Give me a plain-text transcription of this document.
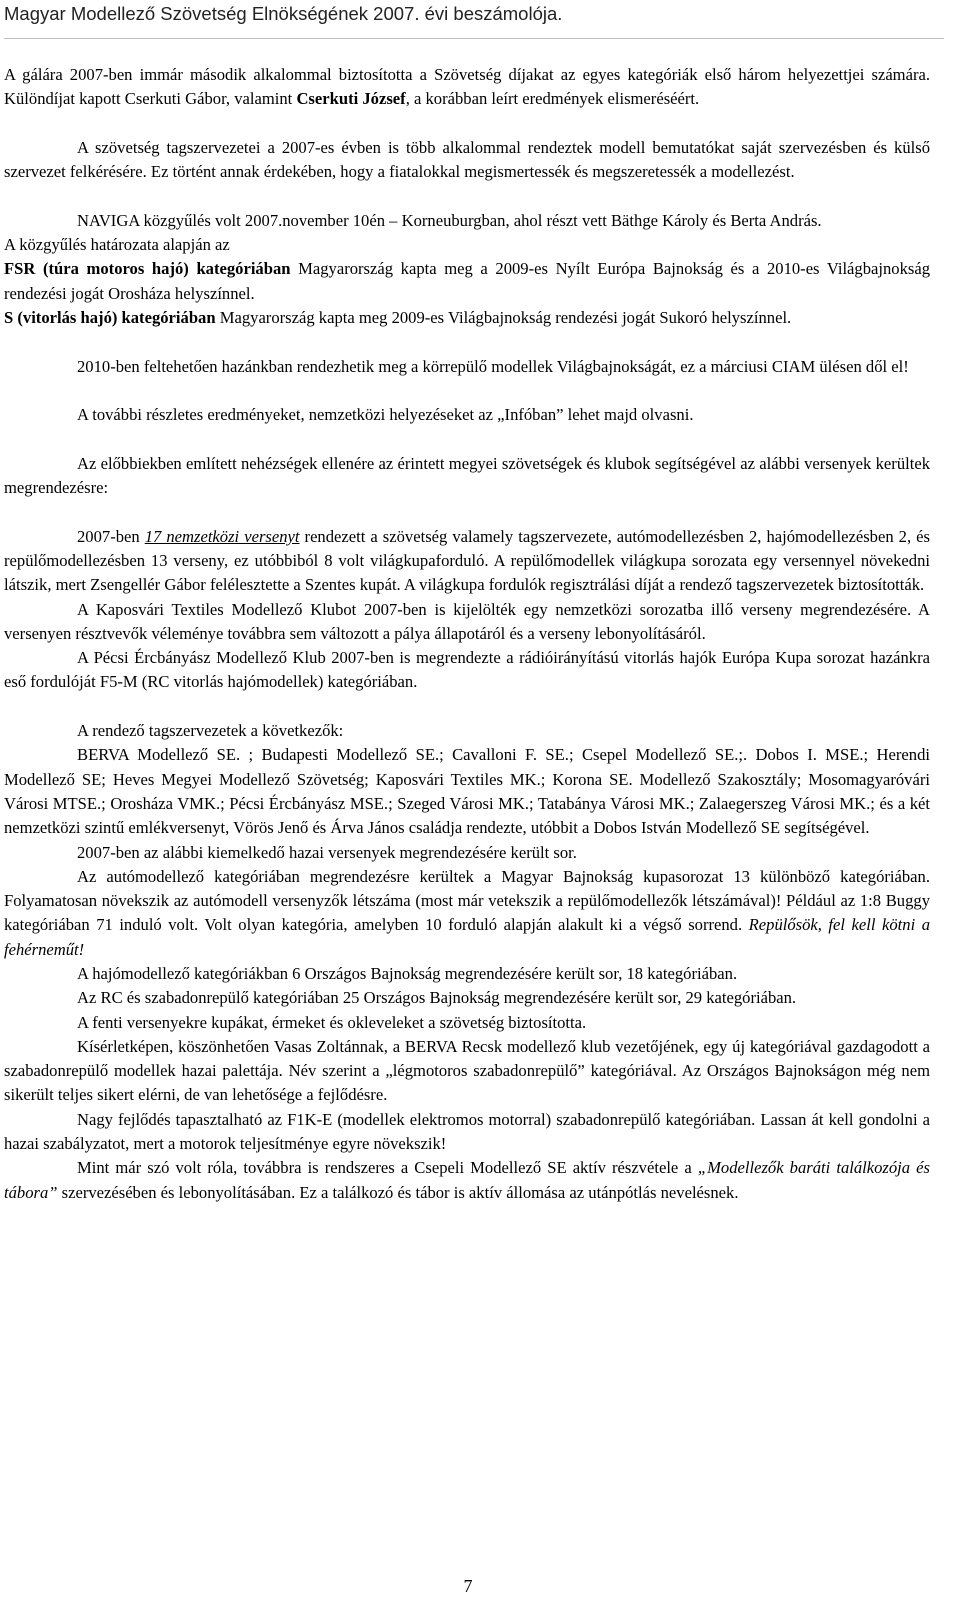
Magyar Modellező Szövetség Elnökségének 2007. évi beszámolója.

A gálára 2007-ben immár második alkalommal biztosította a Szövetség díjakat az egyes kategóriák első három helyezettjei számára. Különdíjat kapott Cserkuti Gábor, valamint Cserkuti József, a korábban leírt eredmények elismeréséért.

A szövetség tagszervezetei a 2007-es évben is több alkalommal rendeztek modell bemutatókat saját szervezésben és külső szervezet felkérésére. Ez történt annak érdekében, hogy a fiatalokkal megismertessék és megszeretessék a modellezést.

NAVIGA közgyűlés volt 2007.november 10én – Korneuburgban, ahol részt vett Bäthge Károly és Berta András.

A közgyűlés határozata alapján az

FSR (túra motoros hajó) kategóriában Magyarország kapta meg a 2009-es Nyílt Európa Bajnokság és a 2010-es Világbajnokság rendezési jogát Orosháza helyszínnel.

S (vitorlás hajó) kategóriában Magyarország kapta meg 2009-es Világbajnokság rendezési jogát Sukoró helyszínnel.

2010-ben feltehetően hazánkban rendezhetik meg a körrepülő modellek Világbajnokságát, ez a márciusi CIAM ülésen dől el!

A további részletes eredményeket, nemzetközi helyezéseket az „Infóban” lehet majd olvasni.

Az előbbiekben említett nehézségek ellenére az érintett megyei szövetségek és klubok segítségével az alábbi versenyek kerültek megrendezésre:

2007-ben 17 nemzetközi versenyt rendezett a szövetség valamely tagszervezete, autómodellezésben 2, hajómodellezésben 2, és repülőmodellezésben 13 verseny, ez utóbbiból 8 volt világkupaforduló. A repülőmodellek világkupa sorozata egy versennyel növekedni látszik, mert Zsengellér Gábor felélesztette a Szentes kupát. A világkupa fordulók regisztrálási díját a rendező tagszervezetek biztosították.

A Kaposvári Textiles Modellező Klubot 2007-ben is kijelölték egy nemzetközi sorozatba illő verseny megrendezésére. A versenyen résztvevők véleménye továbbra sem változott a pálya állapotáról és a verseny lebonyolításáról.

A Pécsi Ércbányász Modellező Klub 2007-ben is megrendezte a rádióirányítású vitorlás hajók Európa Kupa sorozat hazánkra eső fordulóját F5-M (RC vitorlás hajómodellek) kategóriában.

A rendező tagszervezetek a következők:

BERVA Modellező SE. ; Budapesti Modellező SE.; Cavalloni F. SE.; Csepel Modellező SE.;. Dobos I. MSE.; Herendi Modellező SE; Heves Megyei Modellező Szövetség; Kaposvári Textiles MK.; Korona SE. Modellező Szakosztály; Mosomagyaróvári Városi MTSE.; Orosháza VMK.; Pécsi Ércbányász MSE.; Szeged Városi MK.; Tatabánya Városi MK.; Zalaegerszeg Városi MK.; és a két nemzetközi szintű emlékversenyt, Vörös Jenő és Árva János családja rendezte, utóbbit a Dobos István Modellező SE segítségével.

2007-ben az alábbi kiemelkedő hazai versenyek megrendezésére került sor.

Az autómodellező kategóriában megrendezésre kerültek a Magyar Bajnokság kupasorozat 13 különböző kategóriában. Folyamatosan növekszik az autómodell versenyzők létszáma (most már vetekszik a repülőmodellezők létszámával)! Például az 1:8 Buggy kategóriában 71 induló volt. Volt olyan kategória, amelyben 10 forduló alapján alakult ki a végső sorrend. Repülősök, fel kell kötni a fehérneműt!

A hajómodellező kategóriákban 6 Országos Bajnokság megrendezésére került sor, 18 kategóriában.

Az RC és szabadonrepülő kategóriában 25 Országos Bajnokság megrendezésére került sor, 29 kategóriában.

A fenti versenyekre kupákat, érmeket és okleveleket a szövetség biztosította.

Kísérletképen, köszönhetően Vasas Zoltánnak, a BERVA Recsk modellező klub vezetőjének, egy új kategóriával gazdagodott a szabadonrepülő modellek hazai palettája. Név szerint a „légmotoros szabadonrepülő” kategóriával. Az Országos Bajnokságon még nem sikerült teljes sikert elérni, de van lehetősége a fejlődésre.

Nagy fejlődés tapasztalható az F1K-E (modellek elektromos motorral) szabadonrepülő kategóriában. Lassan át kell gondolni a hazai szabályzatot, mert a motorok teljesítménye egyre növekszik!

Mint már szó volt róla, továbbra is rendszeres a Csepeli Modellező SE aktív részvétele a „Modellezők baráti találkozója és tábora” szervezésében és lebonyolításában. Ez a találkozó és tábor is aktív állomása az utánpótlás nevelésnek.

7
